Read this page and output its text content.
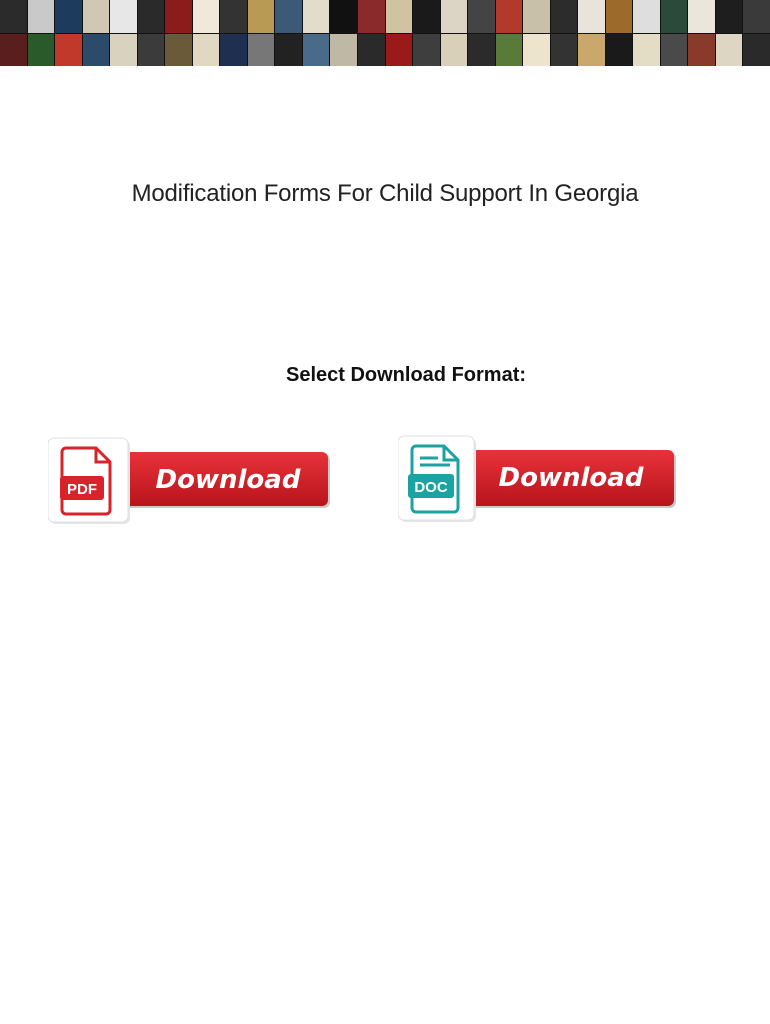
Modification Forms For Child Support In Georgia
Select Download Format:
PDF Download	DOC Download
